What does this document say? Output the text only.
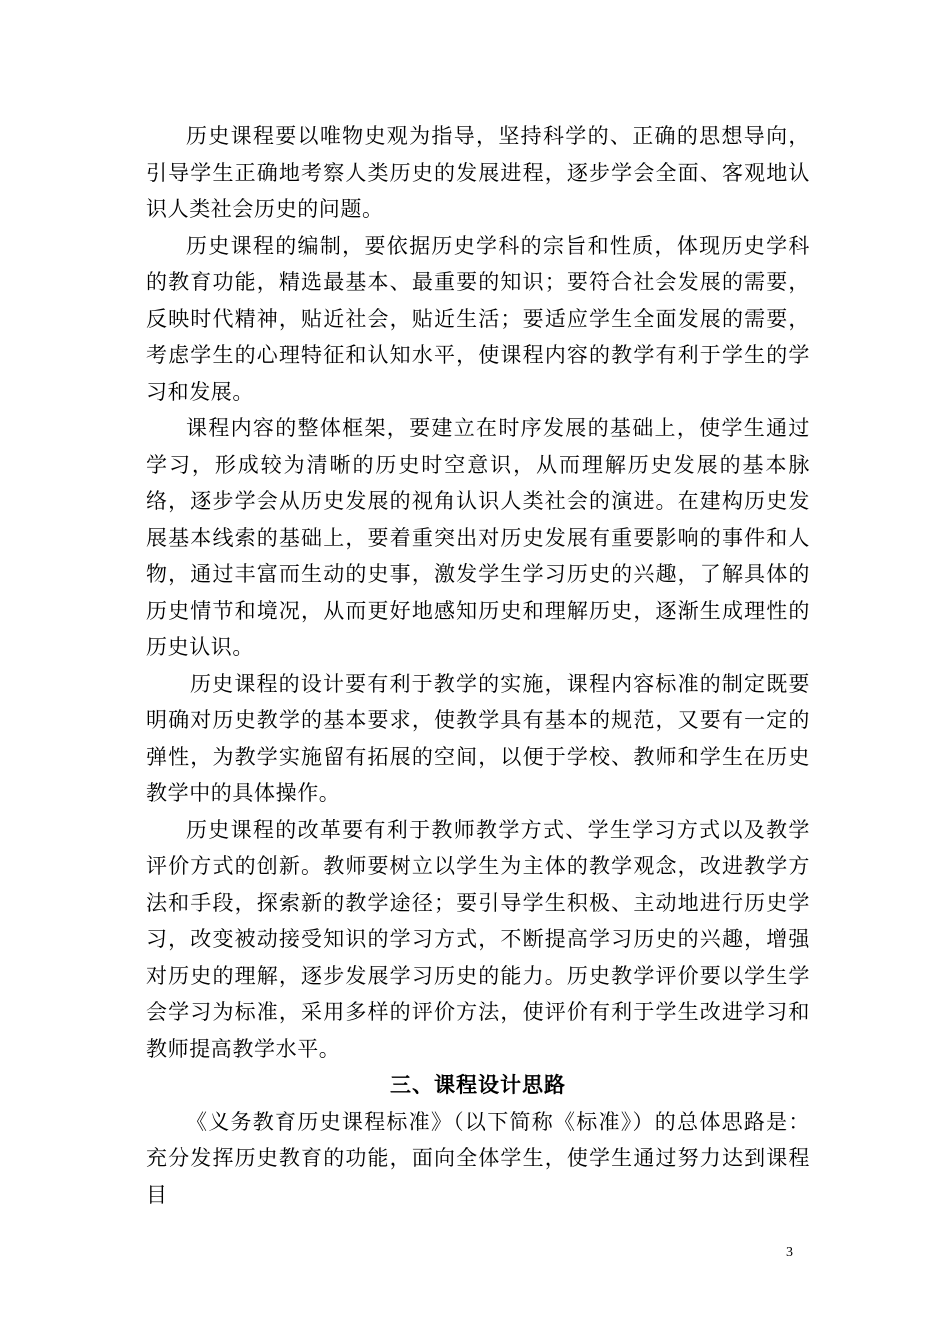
历史课程要以唯物史观为指导，坚持科学的、正确的思想导向，引导学生正确地考察人类历史的发展进程，逐步学会全面、客观地认识人类社会历史的问题。

历史课程的编制，要依据历史学科的宗旨和性质，体现历史学科的教育功能，精选最基本、最重要的知识；要符合社会发展的需要，反映时代精神，贴近社会，贴近生活；要适应学生全面发展的需要，考虑学生的心理特征和认知水平，使课程内容的教学有利于学生的学习和发展。

课程内容的整体框架，要建立在时序发展的基础上，使学生通过学习，形成较为清晰的历史时空意识，从而理解历史发展的基本脉络，逐步学会从历史发展的视角认识人类社会的演进。在建构历史发展基本线索的基础上，要着重突出对历史发展有重要影响的事件和人物，通过丰富而生动的史事，激发学生学习历史的兴趣，了解具体的历史情节和境况，从而更好地感知历史和理解历史，逐渐生成理性的历史认识。

历史课程的设计要有利于教学的实施，课程内容标准的制定既要明确对历史教学的基本要求，使教学具有基本的规范，又要有一定的弹性，为教学实施留有拓展的空间，以便于学校、教师和学生在历史教学中的具体操作。

历史课程的改革要有利于教师教学方式、学生学习方式以及教学评价方式的创新。教师要树立以学生为主体的教学观念，改进教学方法和手段，探索新的教学途径；要引导学生积极、主动地进行历史学习，改变被动接受知识的学习方式，不断提高学习历史的兴趣，增强对历史的理解，逐步发展学习历史的能力。历史教学评价要以学生学会学习为标准，采用多样的评价方法，使评价有利于学生改进学习和教师提高教学水平。

三、课程设计思路

《义务教育历史课程标准》（以下简称《标准》）的总体思路是：充分发挥历史教育的功能，面向全体学生，使学生通过努力达到课程目

3
